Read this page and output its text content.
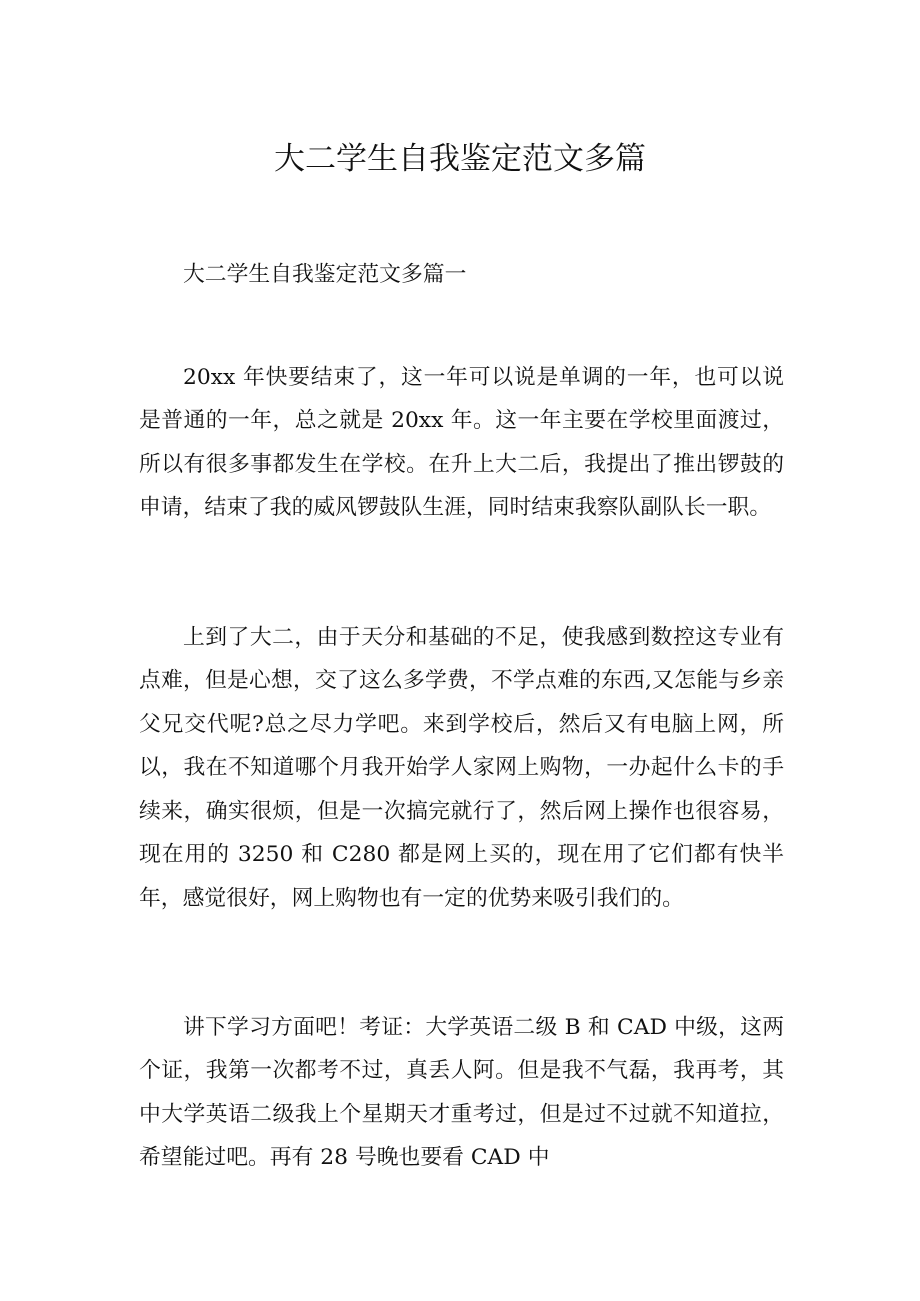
大二学生自我鉴定范文多篇
大二学生自我鉴定范文多篇一

20xx 年快要结束了，这一年可以说是单调的一年，也可以说是普通的一年，总之就是 20xx 年。这一年主要在学校里面渡过，所以有很多事都发生在学校。在升上大二后，我提出了推出锣鼓的申请，结束了我的威风锣鼓队生涯，同时结束我察队副队长一职。

上到了大二，由于天分和基础的不足，使我感到数控这专业有点难，但是心想，交了这么多学费，不学点难的东西,又怎能与乡亲父兄交代呢?总之尽力学吧。来到学校后，然后又有电脑上网，所以，我在不知道哪个月我开始学人家网上购物，一办起什么卡的手续来，确实很烦，但是一次搞完就行了，然后网上操作也很容易，现在用的 3250 和 C280 都是网上买的，现在用了它们都有快半年，感觉很好，网上购物也有一定的优势来吸引我们的。

讲下学习方面吧！考证：大学英语二级 B 和 CAD 中级，这两个证，我第一次都考不过，真丢人阿。但是我不气磊，我再考，其中大学英语二级我上个星期天才重考过，但是过不过就不知道拉，希望能过吧。再有 28 号晚也要看 CAD 中
